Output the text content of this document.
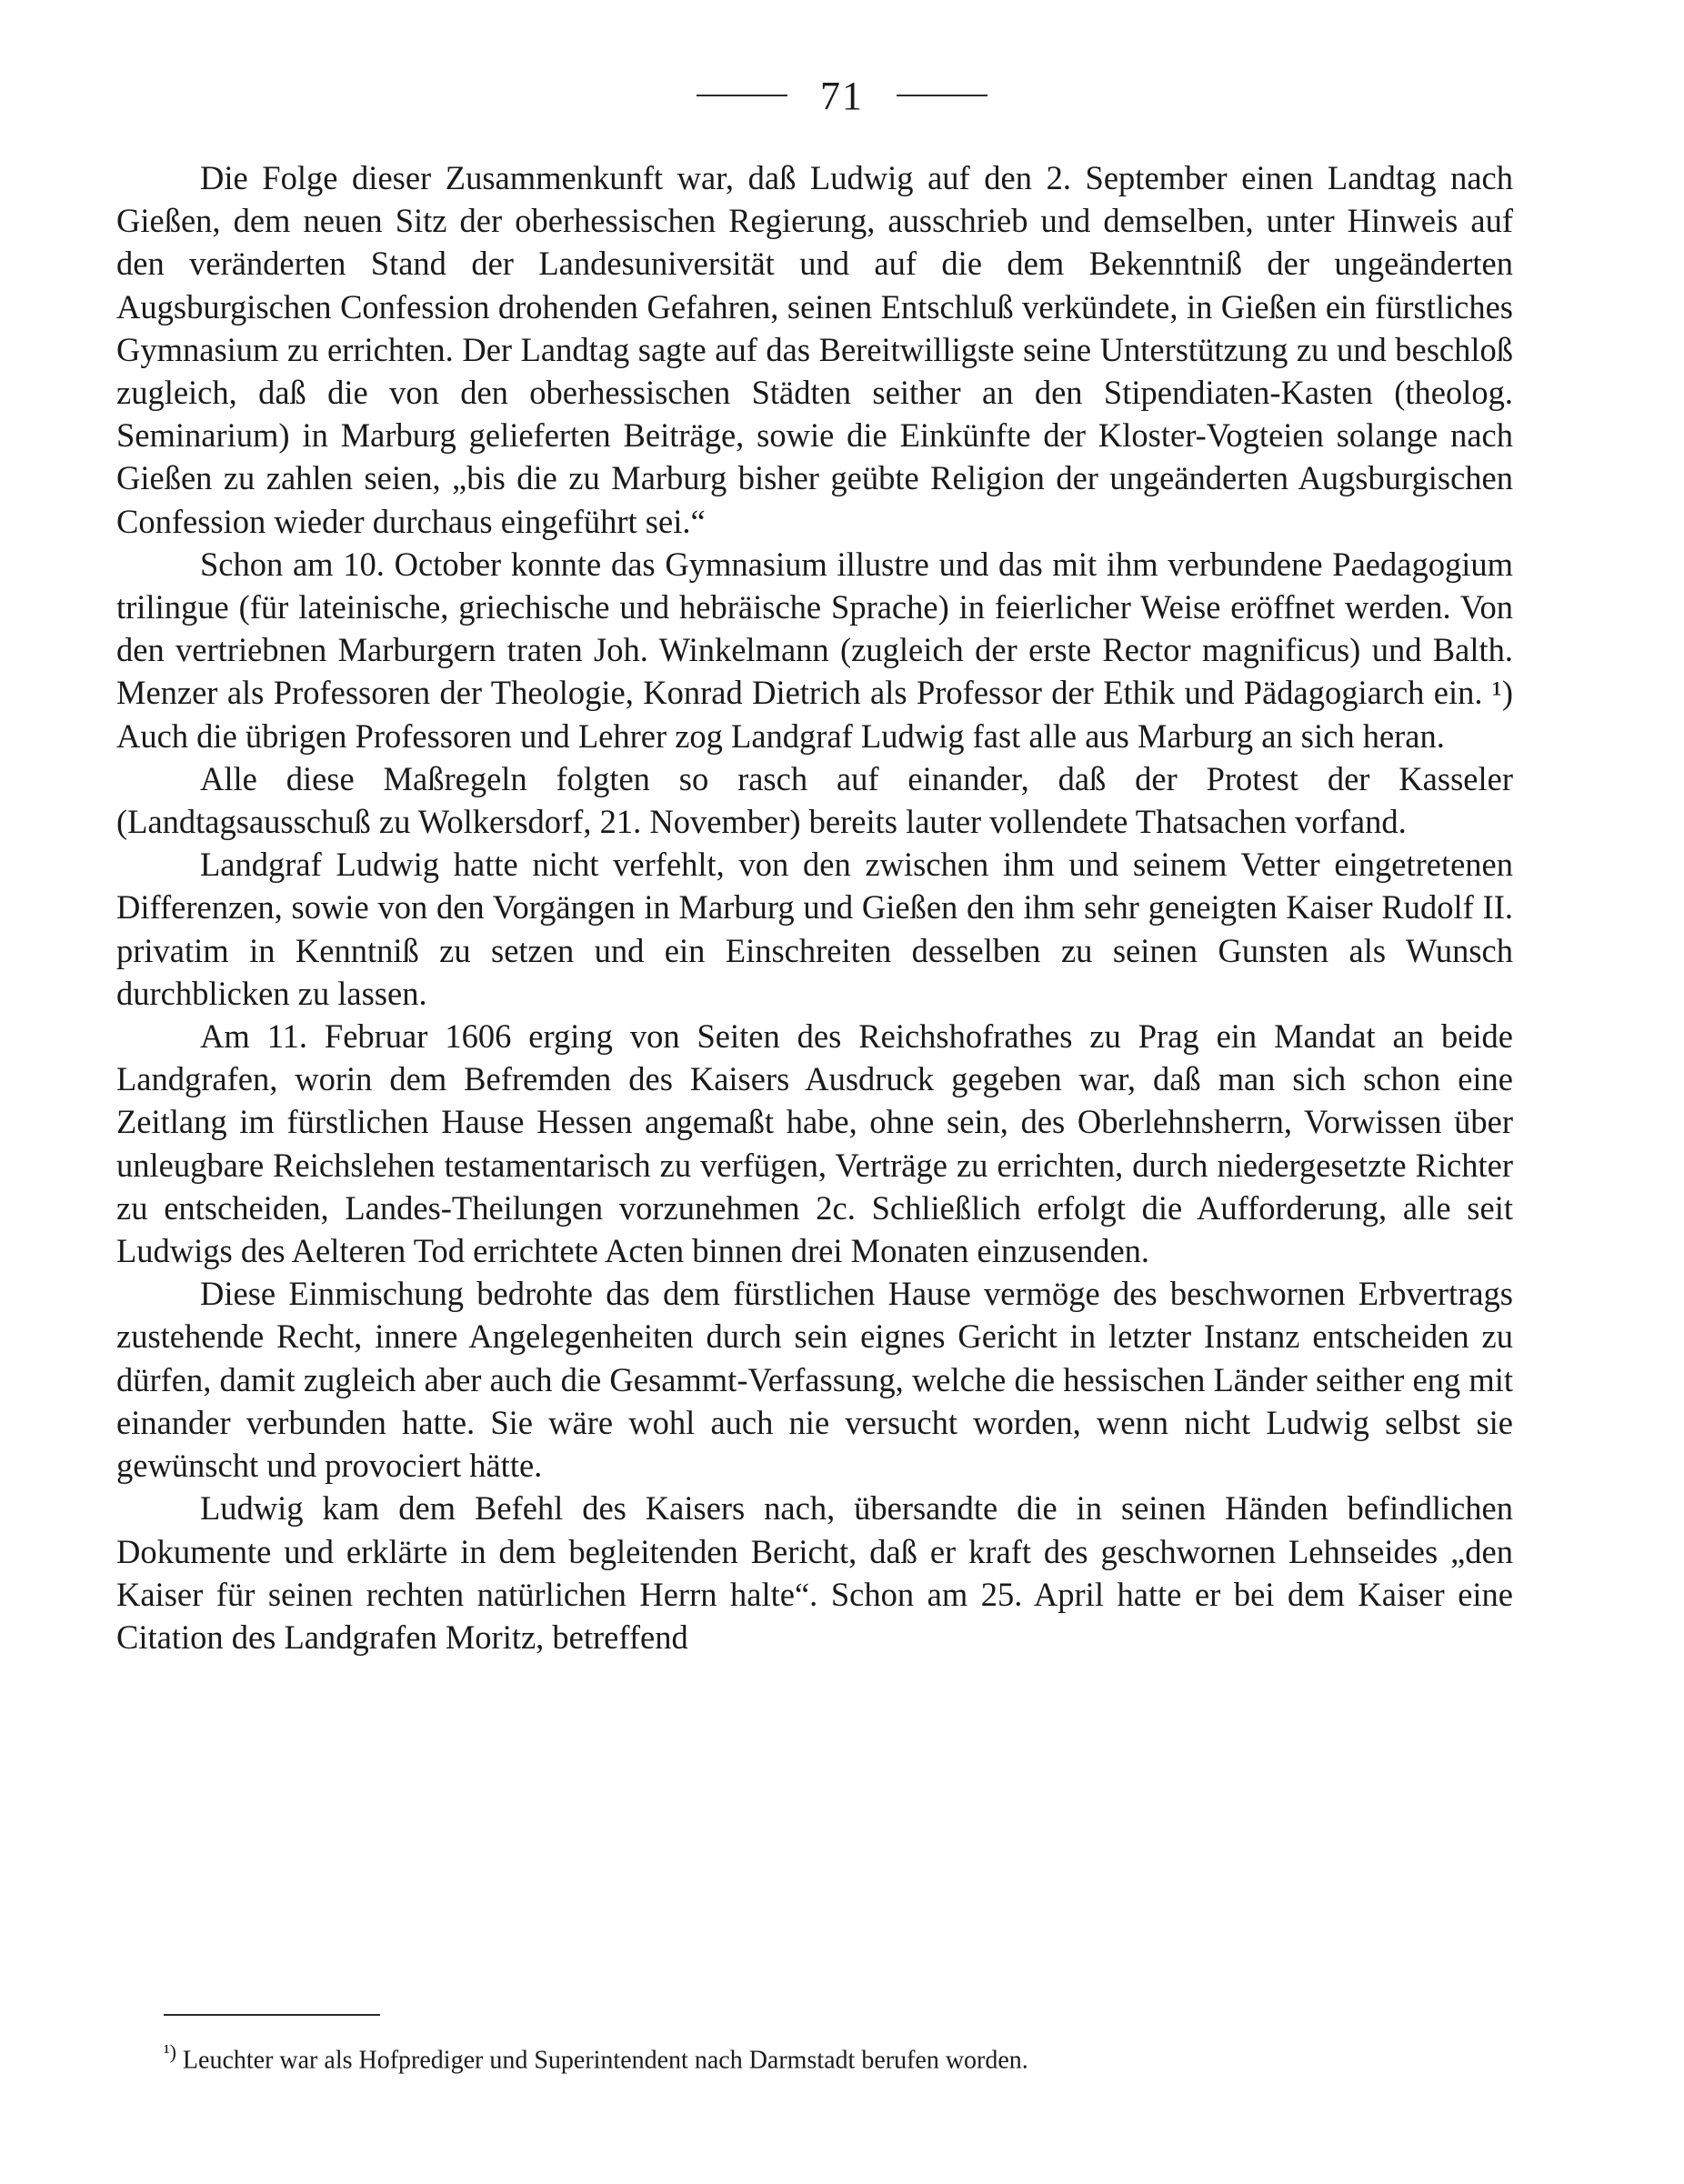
71

Die Folge dieser Zusammenkunft war, daß Ludwig auf den 2. September einen Landtag nach Gießen, dem neuen Sitz der oberhessischen Regierung, ausschrieb und demselben, unter Hinweis auf den veränderten Stand der Landesuniversität und auf die dem Bekenntniß der ungeänderten Augsburgischen Confession drohenden Gefahren, seinen Entschluß verkündete, in Gießen ein fürstliches Gymnasium zu errichten. Der Landtag sagte auf das Bereitwilligste seine Unterstützung zu und beschloß zugleich, daß die von den oberhessischen Städten seither an den Stipendiaten-Kasten (theolog. Seminarium) in Marburg gelieferten Beiträge, sowie die Einkünfte der Kloster-Vogteien solange nach Gießen zu zahlen seien, „bis die zu Marburg bisher geübte Religion der ungeänderten Augsburgischen Confession wieder durchaus eingeführt sei.“

Schon am 10. October konnte das Gymnasium illustre und das mit ihm verbundene Paedagogium trilingue (für lateinische, griechische und hebräische Sprache) in feierlicher Weise eröffnet werden. Von den vertriebnen Marburgern traten Joh. Winkelmann (zugleich der erste Rector magnificus) und Balth. Menzer als Professoren der Theologie, Konrad Dietrich als Professor der Ethik und Pädagogiarch ein. ¹) Auch die übrigen Professoren und Lehrer zog Landgraf Ludwig fast alle aus Marburg an sich heran.

Alle diese Maßregeln folgten so rasch auf einander, daß der Protest der Kasseler (Landtagsausschuß zu Wolkersdorf, 21. November) bereits lauter vollendete Thatsachen vorfand.

Landgraf Ludwig hatte nicht verfehlt, von den zwischen ihm und seinem Vetter eingetretenen Differenzen, sowie von den Vorgängen in Marburg und Gießen den ihm sehr geneigten Kaiser Rudolf II. privatim in Kenntniß zu setzen und ein Einschreiten desselben zu seinen Gunsten als Wunsch durchblicken zu lassen.

Am 11. Februar 1606 erging von Seiten des Reichshofrathes zu Prag ein Mandat an beide Landgrafen, worin dem Befremden des Kaisers Ausdruck gegeben war, daß man sich schon eine Zeitlang im fürstlichen Hause Hessen angemaßt habe, ohne sein, des Oberlehnsherrn, Vorwissen über unleugbare Reichslehen testamentarisch zu verfügen, Verträge zu errichten, durch niedergesetzte Richter zu entscheiden, Landes-Theilungen vorzunehmen 2c. Schließlich erfolgt die Aufforderung, alle seit Ludwigs des Aelteren Tod errichtete Acten binnen drei Monaten einzusenden.

Diese Einmischung bedrohte das dem fürstlichen Hause vermöge des beschwornen Erbvertrags zustehende Recht, innere Angelegenheiten durch sein eignes Gericht in letzter Instanz entscheiden zu dürfen, damit zugleich aber auch die Gesammt-Verfassung, welche die hessischen Länder seither eng mit einander verbunden hatte. Sie wäre wohl auch nie versucht worden, wenn nicht Ludwig selbst sie gewünscht und provociert hätte.

Ludwig kam dem Befehl des Kaisers nach, übersandte die in seinen Händen befindlichen Dokumente und erklärte in dem begleitenden Bericht, daß er kraft des geschwornen Lehnseides „den Kaiser für seinen rechten natürlichen Herrn halte“. Schon am 25. April hatte er bei dem Kaiser eine Citation des Landgrafen Moritz, betreffend

$^{^1)}$ Leuchter war als Hofprediger und Superintendent nach Darmstadt berufen worden.
